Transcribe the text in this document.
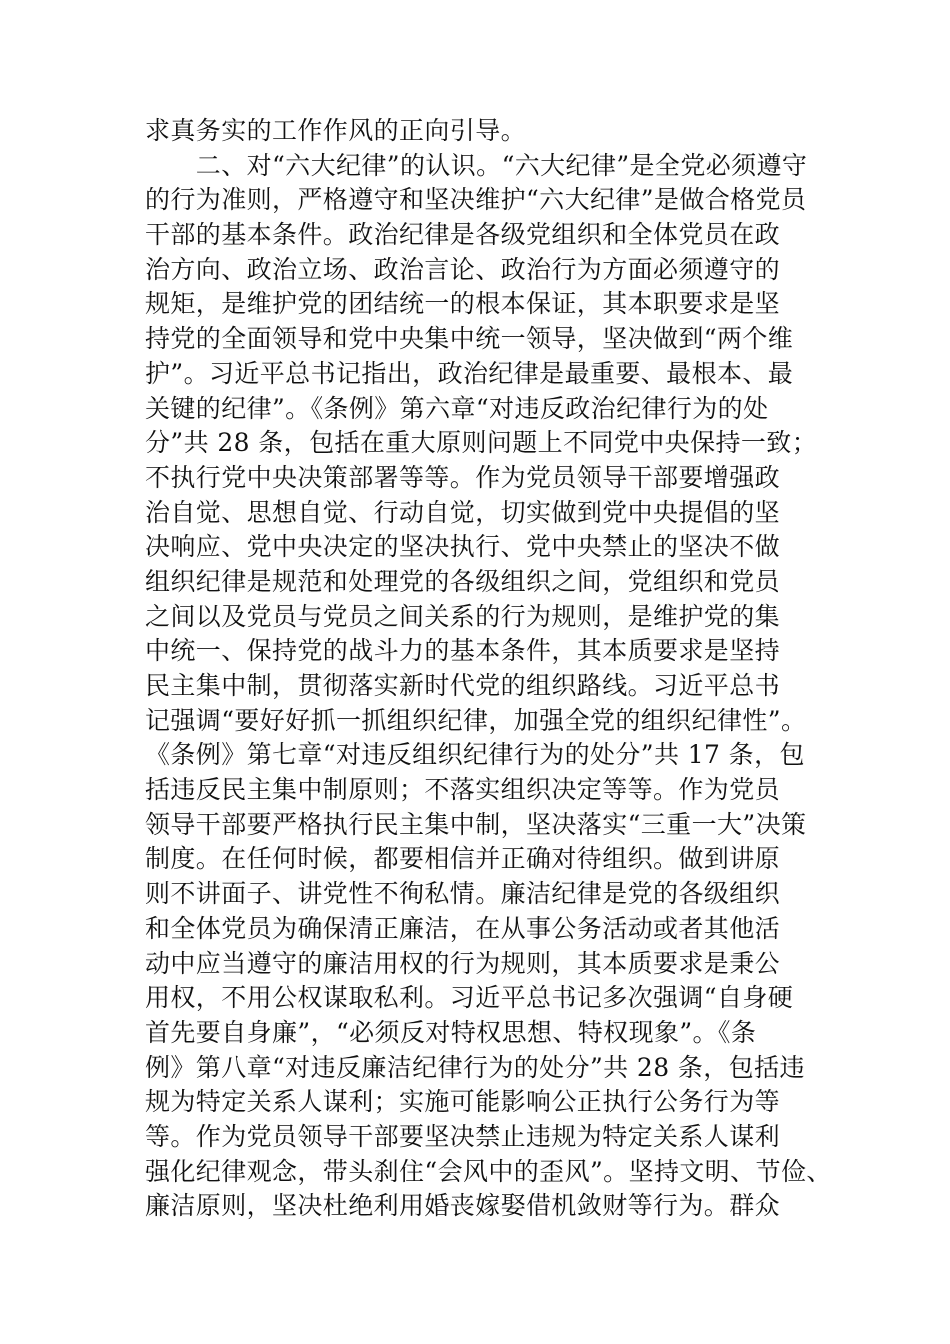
求真务实的工作作风的正向引导。
　　二、对“六大纪律”的认识。“六大纪律”是全党必须遵守
的行为准则，严格遵守和坚决维护“六大纪律”是做合格党员
干部的基本条件。政治纪律是各级党组织和全体党员在政
治方向、政治立场、政治言论、政治行为方面必须遵守的
规矩，是维护党的团结统一的根本保证，其本职要求是坚
持党的全面领导和党中央集中统一领导，坚决做到“两个维
护”。习近平总书记指出，政治纪律是最重要、最根本、最
关键的纪律”。《条例》第六章“对违反政治纪律行为的处
分”共 28 条，包括在重大原则问题上不同党中央保持一致；
不执行党中央决策部署等等。作为党员领导干部要增强政
治自觉、思想自觉、行动自觉，切实做到党中央提倡的坚
决响应、党中央决定的坚决执行、党中央禁止的坚决不做
组织纪律是规范和处理党的各级组织之间，党组织和党员
之间以及党员与党员之间关系的行为规则，是维护党的集
中统一、保持党的战斗力的基本条件，其本质要求是坚持
民主集中制，贯彻落实新时代党的组织路线。习近平总书
记强调“要好好抓一抓组织纪律，加强全党的组织纪律性”。
《条例》第七章“对违反组织纪律行为的处分”共 17 条，包
括违反民主集中制原则；不落实组织决定等等。作为党员
领导干部要严格执行民主集中制，坚决落实“三重一大”决策
制度。在任何时候，都要相信并正确对待组织。做到讲原
则不讲面子、讲党性不徇私情。廉洁纪律是党的各级组织
和全体党员为确保清正廉洁，在从事公务活动或者其他活
动中应当遵守的廉洁用权的行为规则，其本质要求是秉公
用权，不用公权谋取私利。习近平总书记多次强调“自身硬
首先要自身廉”，“必须反对特权思想、特权现象”。《条
例》第八章“对违反廉洁纪律行为的处分”共 28 条，包括违
规为特定关系人谋利；实施可能影响公正执行公务行为等
等。作为党员领导干部要坚决禁止违规为特定关系人谋利
强化纪律观念，带头刹住“会风中的歪风”。坚持文明、节俭、
廉洁原则，坚决杜绝利用婚丧嫁娶借机敛财等行为。群众
